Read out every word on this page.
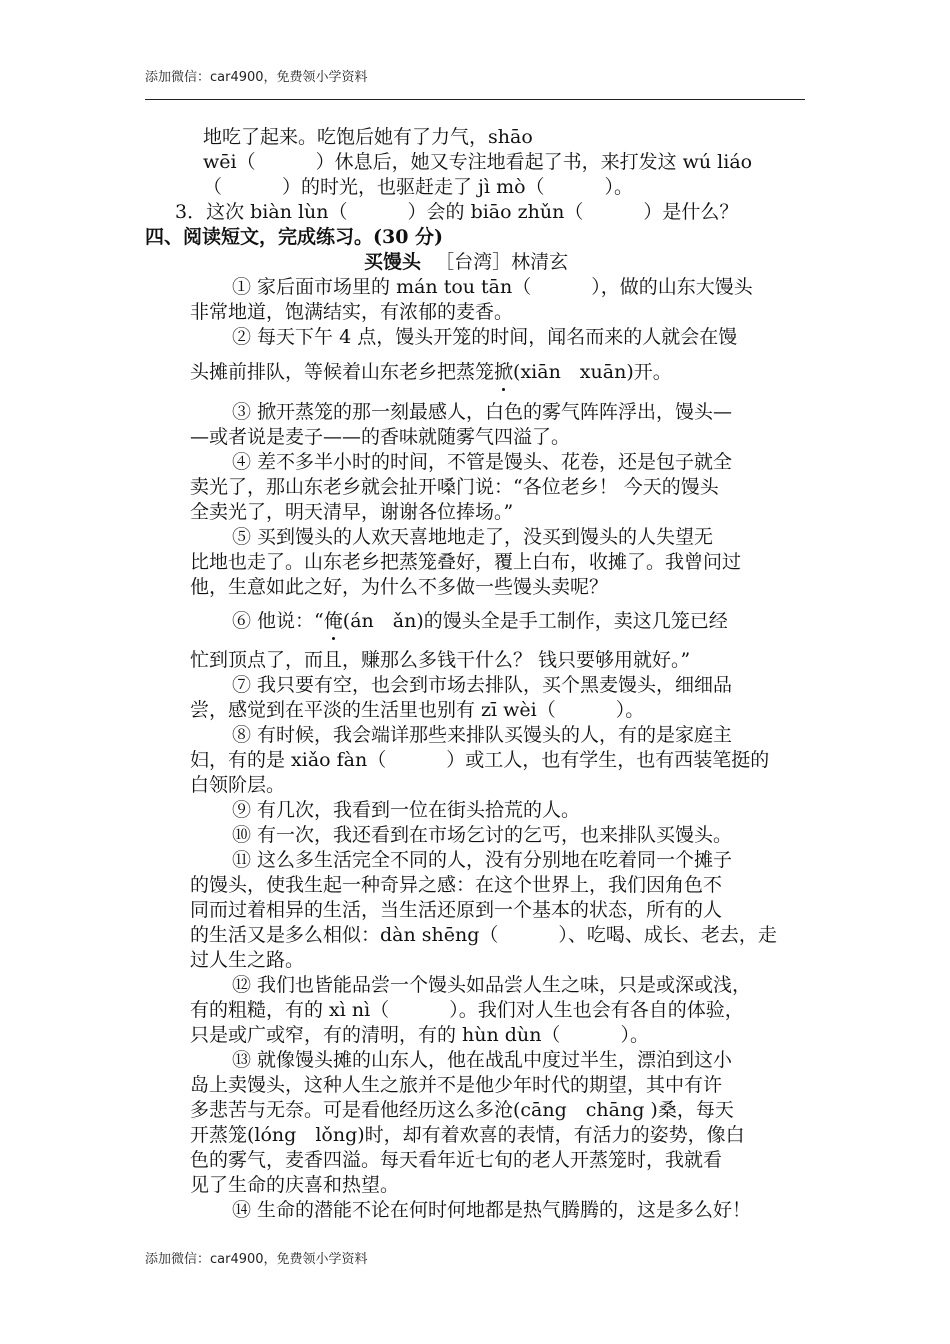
添加微信：car4900，免费领小学资料
地吃了起来。吃饱后她有了力气，shāo
wēi（	）休息后，她又专注地看起了书，来打发这 wú liáo
（	）的时光，也驱赶走了 jì mò（	）。
3．这次 biàn lùn（	）会的 biāo zhǔn（	）是什么？
四、阅读短文，完成练习。(30 分)
买馒头 ［台湾］林清玄
① 家后面市场里的 mán tou tān（	），做的山东大馒头
非常地道，饱满结实，有浓郁的麦香。
② 每天下午 4 点，馒头开笼的时间，闻名而来的人就会在馒
头摊前排队，等候着山东老乡把蒸笼掀(xiān　xuān)开。
③ 掀开蒸笼的那一刻最感人，白色的雾气阵阵浮出，馒头—
—或者说是麦子——的香味就随雾气四溢了。
④ 差不多半小时的时间，不管是馒头、花卷，还是包子就全
卖光了，那山东老乡就会扯开嗓门说：“各位老乡！ 今天的馒头
全卖光了，明天清早，谢谢各位捧场。”
⑤ 买到馒头的人欢天喜地地走了，没买到馒头的人失望无
比地也走了。山东老乡把蒸笼叠好，覆上白布，收摊了。我曾问过
他，生意如此之好，为什么不多做一些馒头卖呢？
⑥ 他说：“俺(án　ǎn)的馒头全是手工制作，卖这几笼已经
忙到顶点了，而且，赚那么多钱干什么？ 钱只要够用就好。”
⑦ 我只要有空，也会到市场去排队，买个黑麦馒头，细细品
尝，感觉到在平淡的生活里也别有 zī wèi（	）。
⑧ 有时候，我会端详那些来排队买馒头的人，有的是家庭主
妇，有的是 xiǎo fàn（	）或工人，也有学生，也有西装笔挺的
白领阶层。
⑨ 有几次，我看到一位在街头拾荒的人。
⑩ 有一次，我还看到在市场乞讨的乞丐，也来排队买馒头。
⑪ 这么多生活完全不同的人，没有分别地在吃着同一个摊子
的馒头，使我生起一种奇异之感：在这个世界上，我们因角色不
同而过着相异的生活，当生活还原到一个基本的状态，所有的人
的生活又是多么相似：dàn shēng（	）、吃喝、成长、老去，走
过人生之路。
⑫ 我们也皆能品尝一个馒头如品尝人生之味，只是或深或浅，
有的粗糙，有的 xì nì（	）。我们对人生也会有各自的体验，
只是或广或窄，有的清明，有的 hùn dùn（	）。
⑬ 就像馒头摊的山东人，他在战乱中度过半生，漂泊到这小
岛上卖馒头，这种人生之旅并不是他少年时代的期望，其中有许
多悲苦与无奈。可是看他经历这么多沧(cāng　chāng )桑，每天
开蒸笼(lóng　lǒng)时，却有着欢喜的表情，有活力的姿势，像白
色的雾气，麦香四溢。每天看年近七旬的老人开蒸笼时，我就看
见了生命的庆喜和热望。
⑭ 生命的潜能不论在何时何地都是热气腾腾的，这是多么好！
添加微信：car4900，免费领小学资料
